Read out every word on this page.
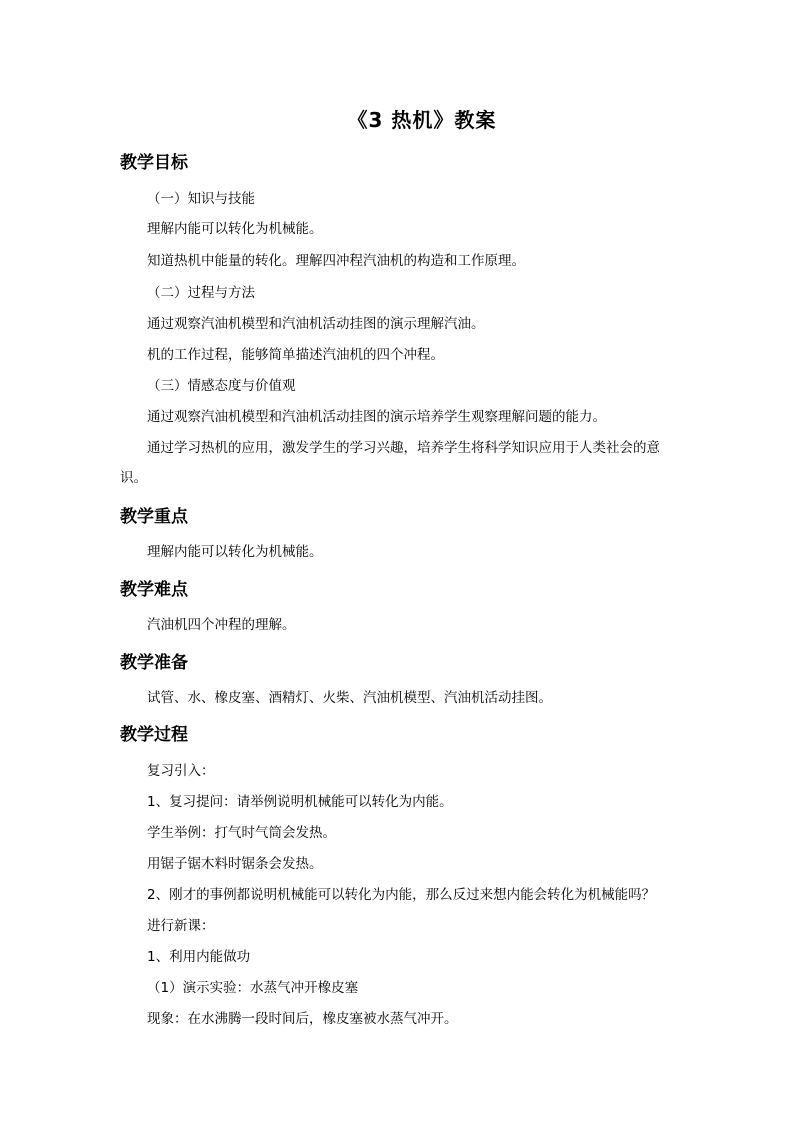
《3 热机》教案
教学目标
（一）知识与技能
理解内能可以转化为机械能。
知道热机中能量的转化。理解四冲程汽油机的构造和工作原理。
（二）过程与方法
通过观察汽油机模型和汽油机活动挂图的演示理解汽油。
机的工作过程，能够简单描述汽油机的四个冲程。
（三）情感态度与价值观
通过观察汽油机模型和汽油机活动挂图的演示培养学生观察理解问题的能力。
通过学习热机的应用，激发学生的学习兴趣，培养学生将科学知识应用于人类社会的意
识。
教学重点
理解内能可以转化为机械能。
教学难点
汽油机四个冲程的理解。
教学准备
试管、水、橡皮塞、酒精灯、火柴、汽油机模型、汽油机活动挂图。
教学过程
复习引入：
1、复习提问：请举例说明机械能可以转化为内能。
学生举例：打气时气筒会发热。
用锯子锯木料时锯条会发热。
2、刚才的事例都说明机械能可以转化为内能，那么反过来想内能会转化为机械能吗？
进行新课：
1、利用内能做功
（1）演示实验：水蒸气冲开橡皮塞
现象：在水沸腾一段时间后，橡皮塞被水蒸气冲开。
